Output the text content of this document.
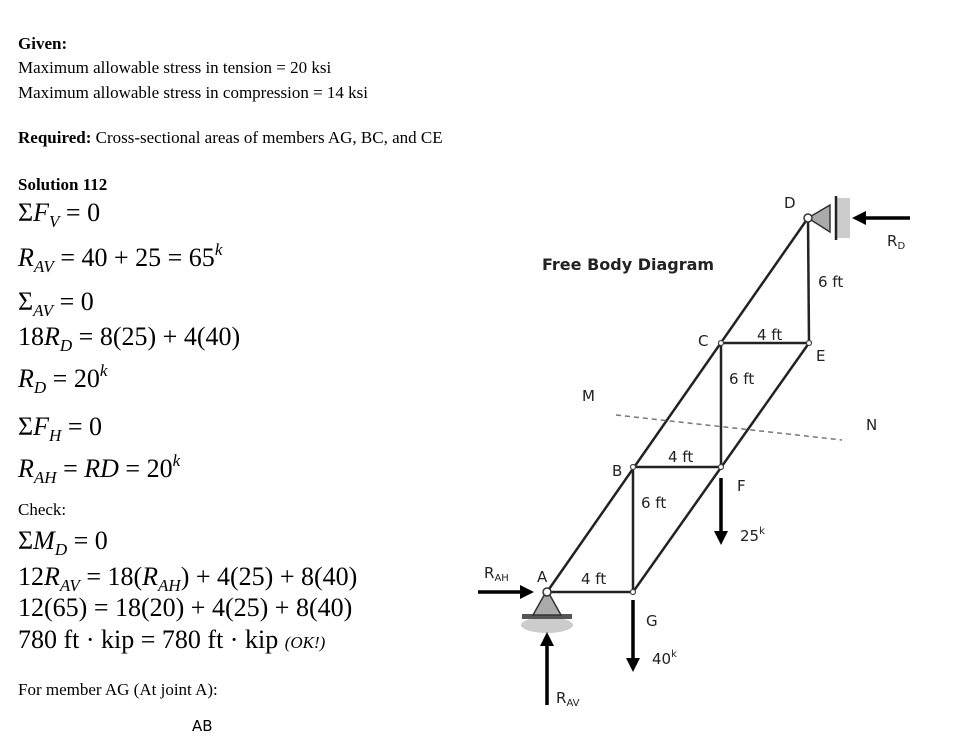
Given:
Maximum allowable stress in tension = 20 ksi
Maximum allowable stress in compression = 14 ksi
Required: Cross-sectional areas of members AG, BC, and CE
Solution 112
$\Sigma F_V = 0$
$R_{AV} = 40 + 25 = 65^k$
$\Sigma_{AV} = 0$
$18R_D = 8(25) + 4(40)$
$R_D = 20^k$
$\Sigma F_H = 0$
$R_{AH}$ = RD = $20^k$
Check:
$\Sigma M_D = 0$
$12R_{AV} = 18(R_{AH}) + 4(25) + 8(40)$
12(65) = 18(20) + 4(25) + 8(40)
780 ft · kip = 780 ft · kip (OK!)
For member AG (At joint A):
AB
Free Body Diagram
D
C
E
B
F
A
G
6 ft
4 ft
6 ft
4 ft
6 ft
4 ft
M
N
25$^k$
40$^k$
$R_D$
$R_{AH}$
$R_{AV}$
